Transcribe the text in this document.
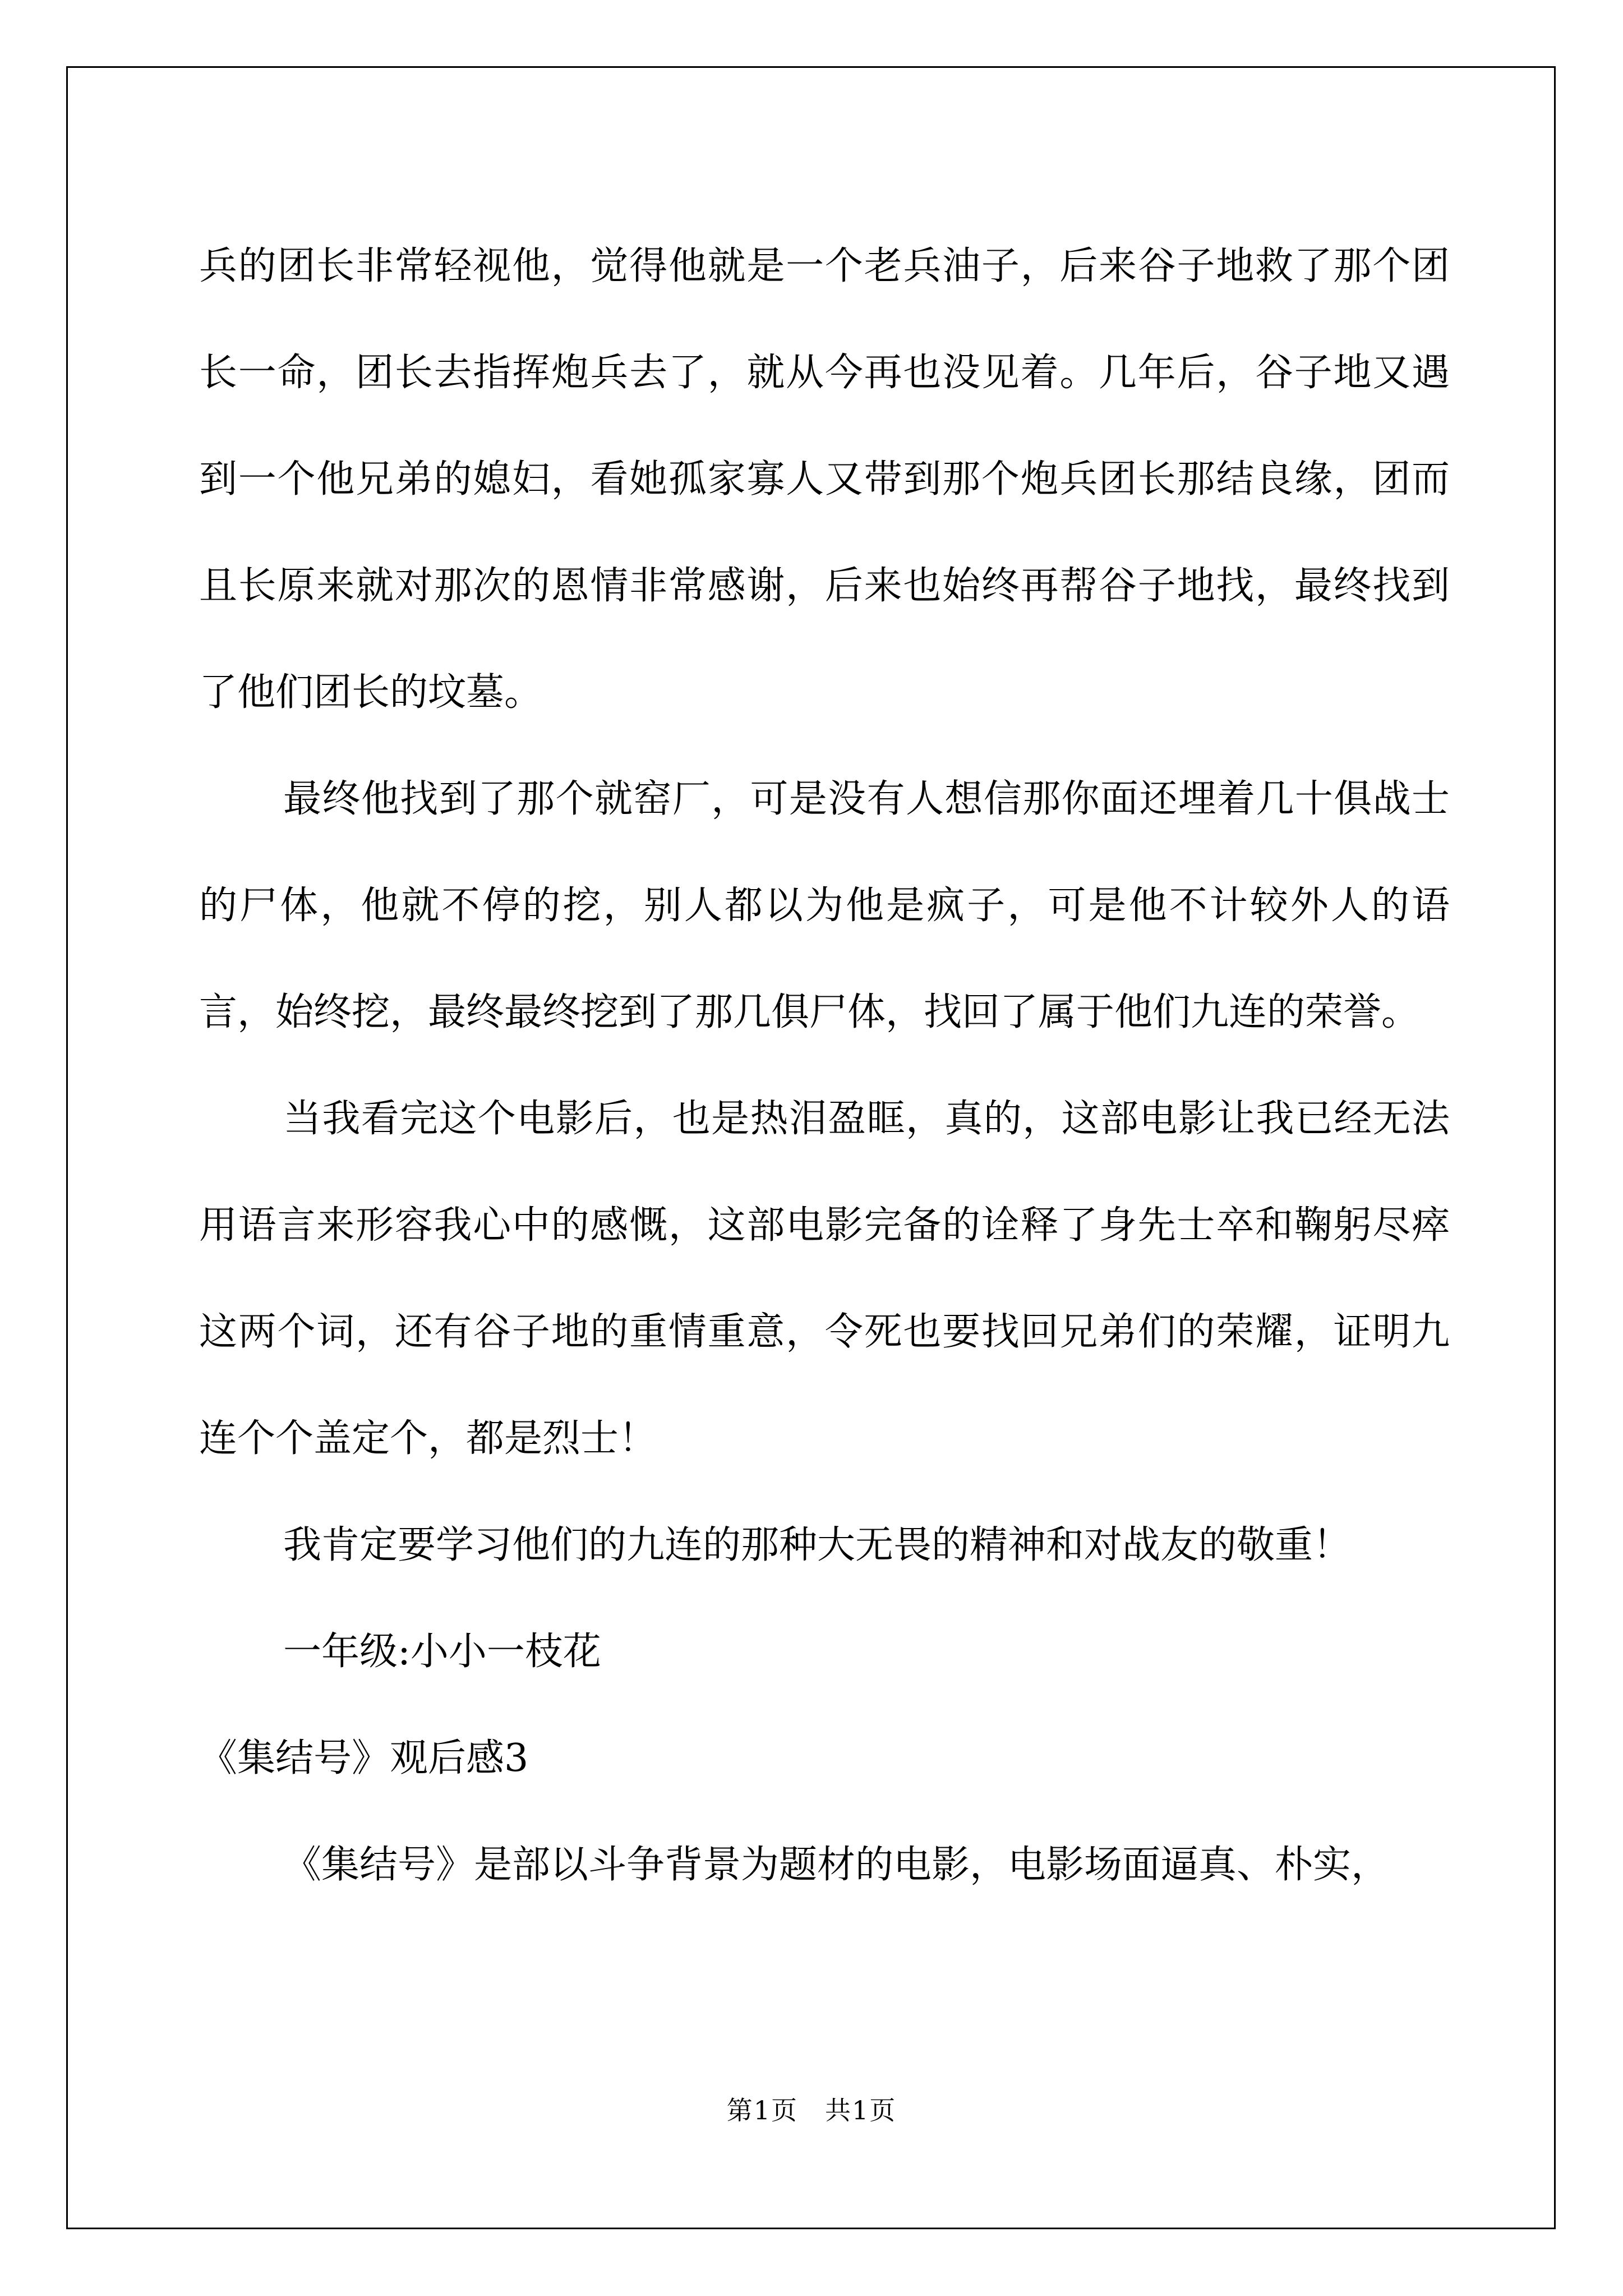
兵的团长非常轻视他，觉得他就是一个老兵油子，后来谷子地救了那个团长一命，团长去指挥炮兵去了，就从今再也没见着。几年后，谷子地又遇到一个他兄弟的媳妇，看她孤家寡人又带到那个炮兵团长那结良缘，团而且长原来就对那次的恩情非常感谢，后来也始终再帮谷子地找，最终找到了他们团长的坟墓。

最终他找到了那个就窑厂，可是没有人想信那你面还埋着几十俱战士的尸体，他就不停的挖，别人都以为他是疯子，可是他不计较外人的语言，始终挖，最终最终挖到了那几俱尸体，找回了属于他们九连的荣誉。

当我看完这个电影后，也是热泪盈眶，真的，这部电影让我已经无法用语言来形容我心中的感慨，这部电影完备的诠释了身先士卒和鞠躬尽瘁这两个词，还有谷子地的重情重意，令死也要找回兄弟们的荣耀，证明九连个个盖定个，都是烈士！

我肯定要学习他们的九连的那种大无畏的精神和对战友的敬重！

一年级:小小一枝花

《集结号》观后感3

《集结号》是部以斗争背景为题材的电影，电影场面逼真、朴实，

第1页　共1页
